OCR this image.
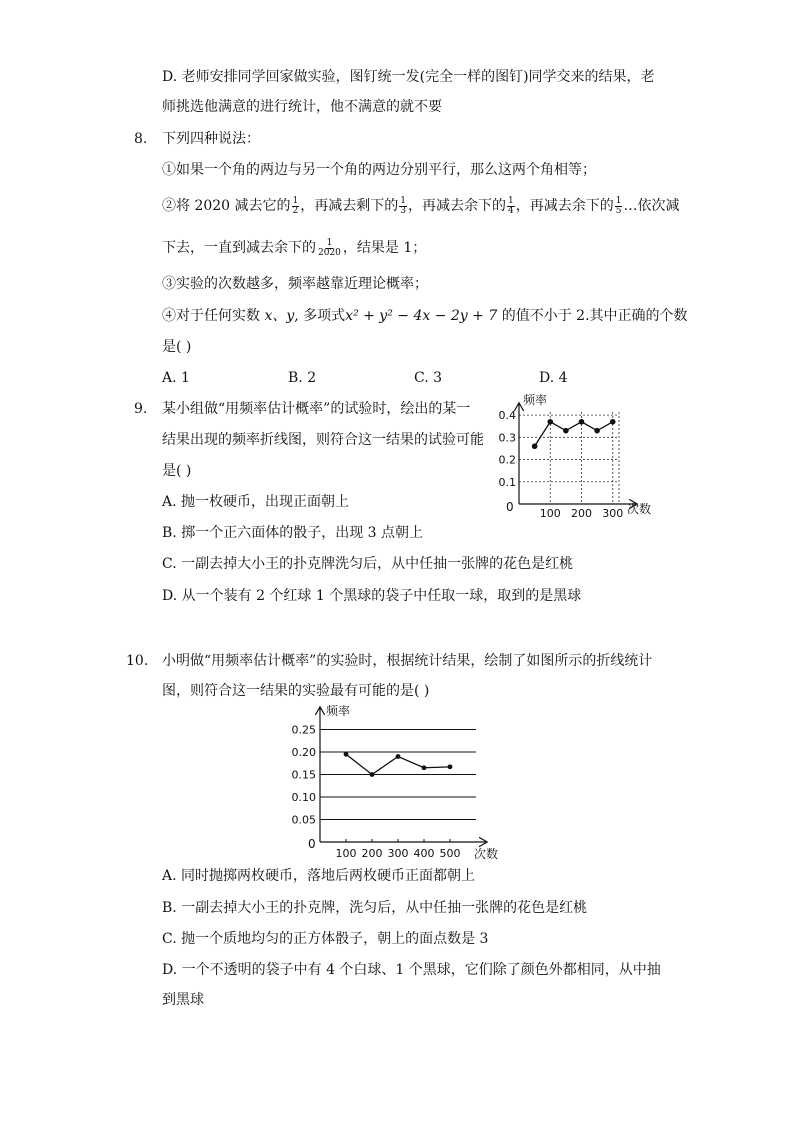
D. 老师安排同学回家做实验，图钉统一发(完全一样的图钉)同学交来的结果，老
师挑选他满意的进行统计，他不满意的就不要
8. 下列四种说法：
①如果一个角的两边与另一个角的两边分别平行，那么这两个角相等；
②将 2020 减去它的 $\frac{1}{2}$ ，再减去剩下的 $\frac{1}{3}$ ，再减去余下的 $\frac{1}{4}$ ，再减去余下的 $\frac{1}{5}$ …依次减
下去，一直到减去余下的 $\frac{1}{2020}$ ，结果是 1；
③实验的次数越多，频率越靠近理论概率；
④对于任何实数 x、y, 多项式x² + y² − 4x − 2y + 7 的值不小于 2.其中正确的个数
是( )
A. 1	B. 2	C. 3	D. 4
9. 某小组做“用频率估计概率”的试验时，绘出的某一
结果出现的频率折线图，则符合这一结果的试验可能
是( )
A. 抛一枚硬币，出现正面朝上
B. 掷一个正六面体的骰子，出现 3 点朝上
C. 一副去掉大小王的扑克牌洗匀后，从中任抽一张牌的花色是红桃
D. 从一个装有 2 个红球 1 个黑球的袋子中任取一球，取到的是黑球
频率
次数
0
0.1
0.2
0.3
0.4
100 200 300
10. 小明做“用频率估计概率”的实验时，根据统计结果，绘制了如图所示的折线统计
图，则符合这一结果的实验最有可能的是( )
频率
次数
0
0.05
0.10
0.15
0.20
0.25
100 200 300 400 500
A. 同时抛掷两枚硬币，落地后两枚硬币正面都朝上
B. 一副去掉大小王的扑克牌，洗匀后，从中任抽一张牌的花色是红桃
C. 抛一个质地均匀的正方体骰子，朝上的面点数是 3
D. 一个不透明的袋子中有 4 个白球、1 个黑球，它们除了颜色外都相同，从中抽
到黑球
